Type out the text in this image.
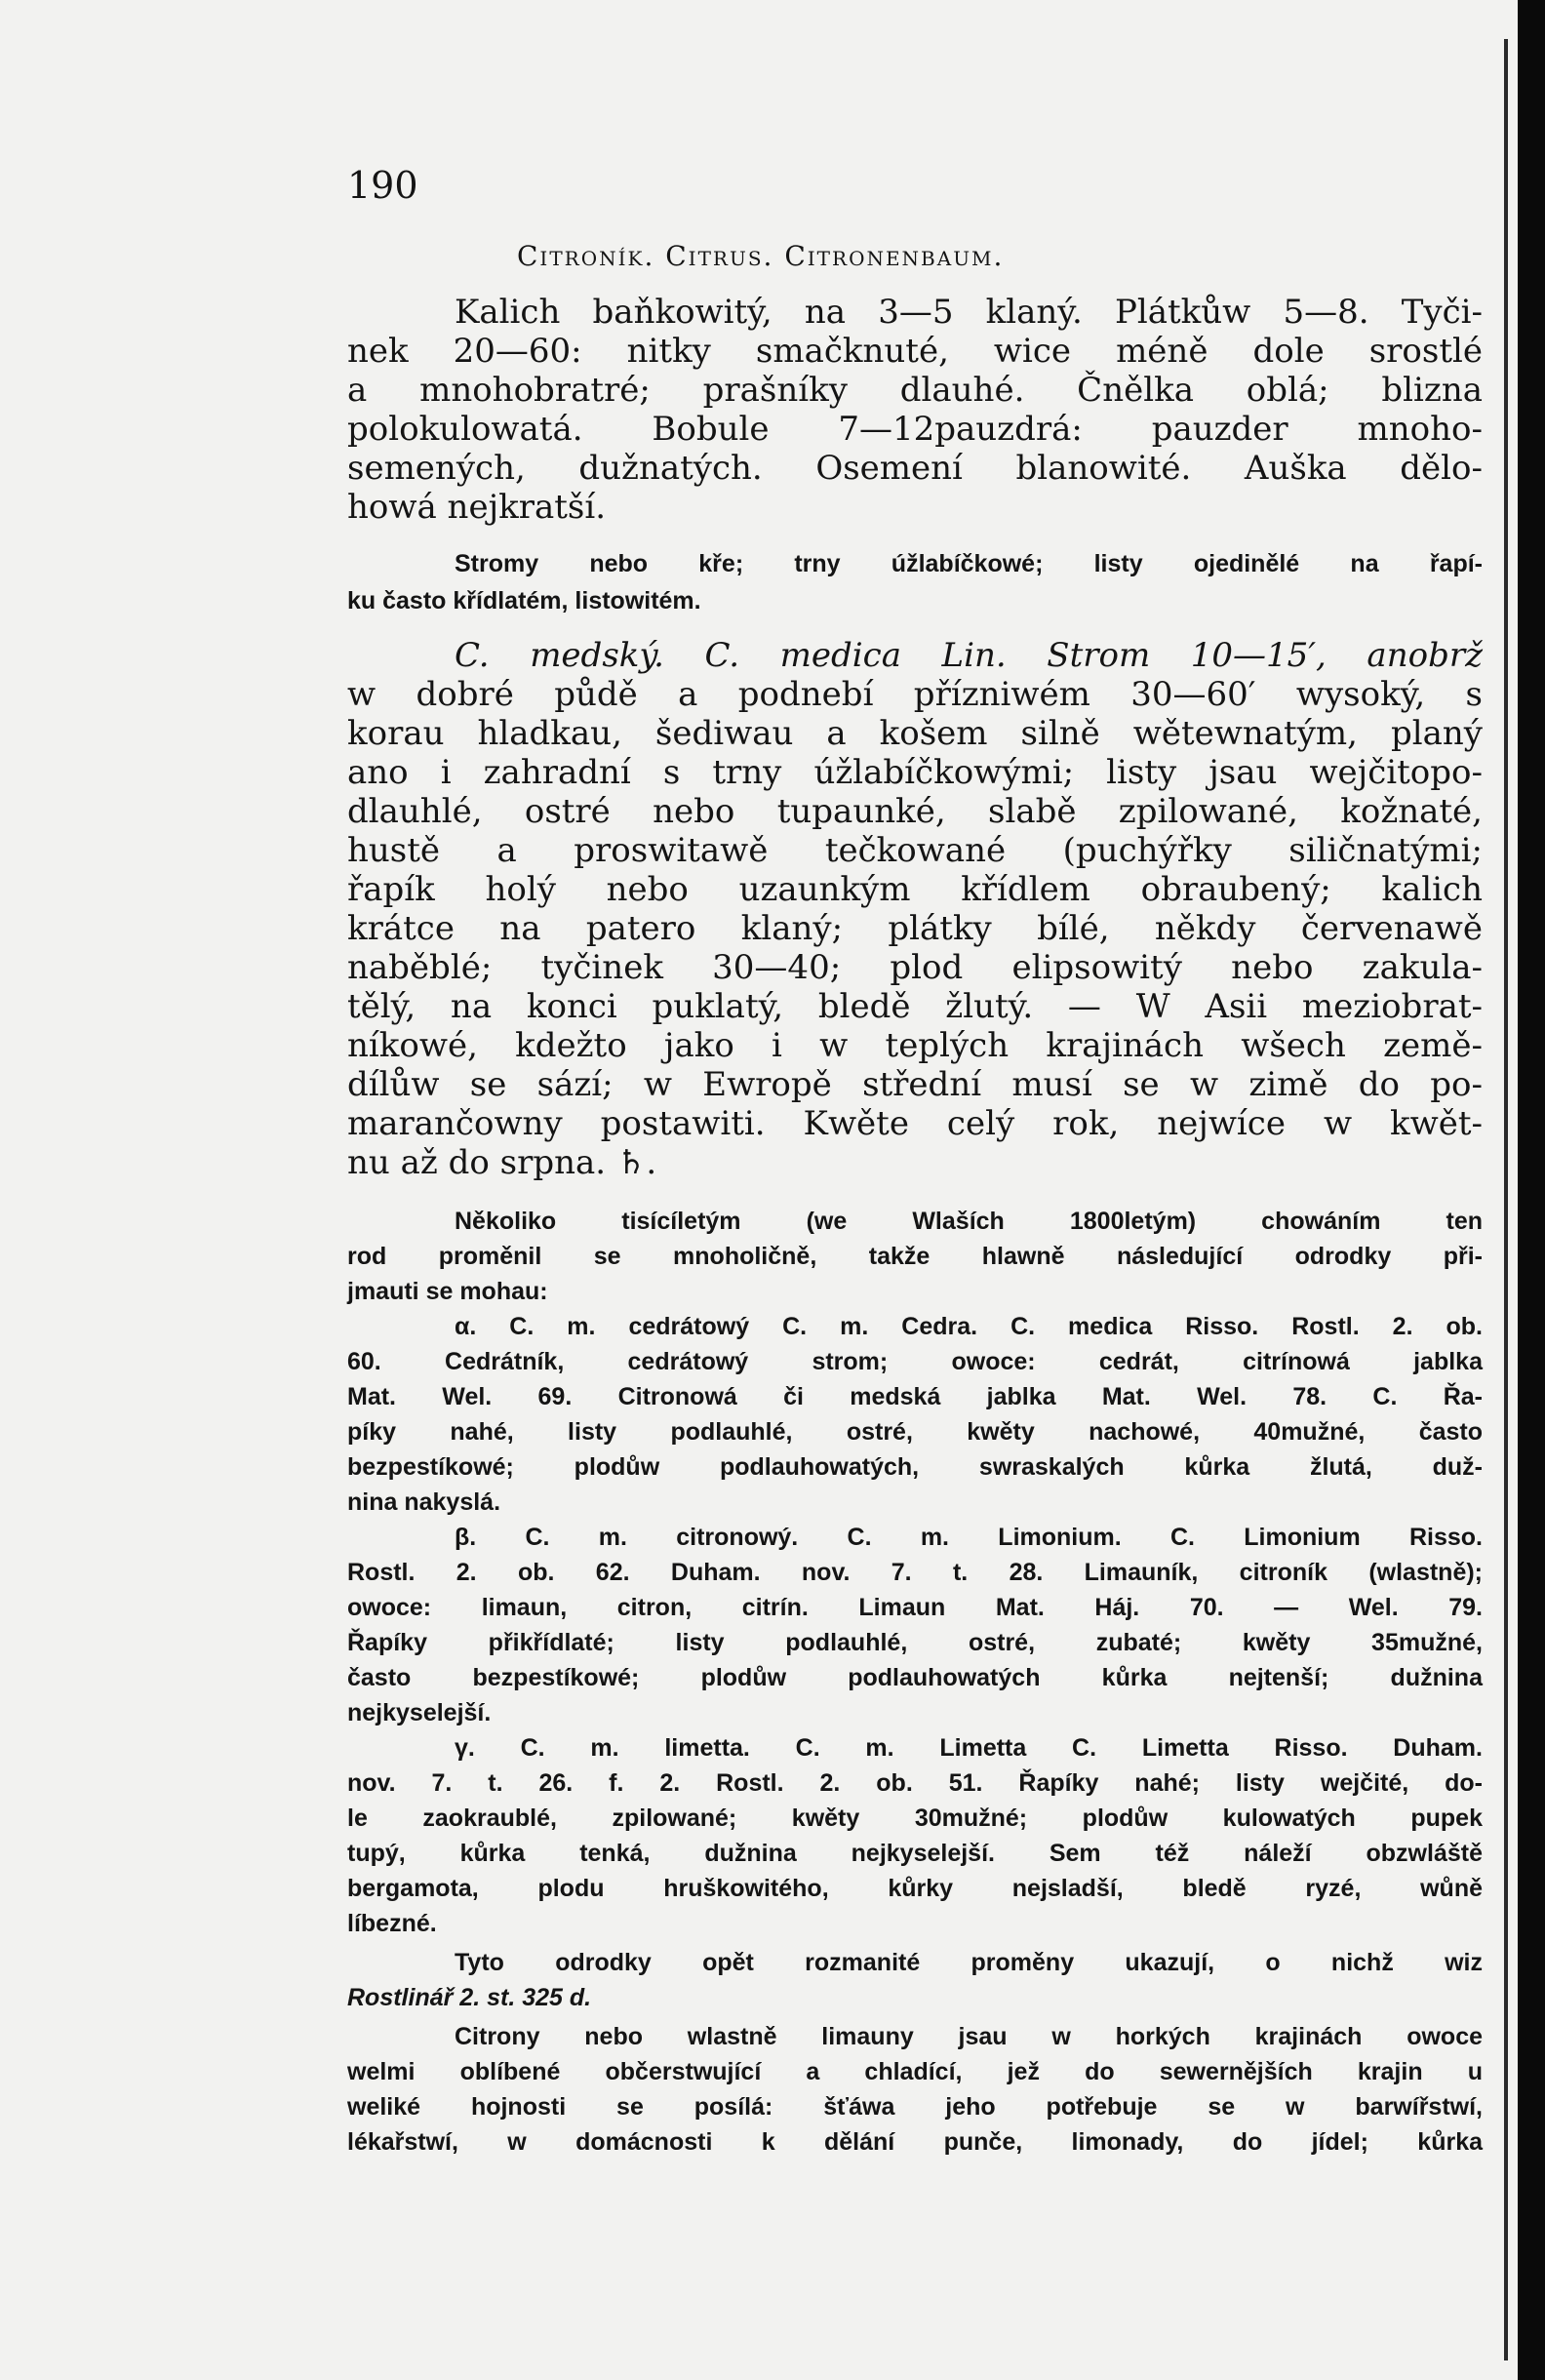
190
Citroník. Citrus. Citronenbaum.
Kalich baňkowitý, na 3—5 klaný. Plátkůw 5—8. Tyči-
nek 20—60: nitky smačknuté, wice méně dole srostlé
a mnohobratré; prašníky dlauhé. Čnělka oblá; blizna
polokulowatá. Bobule 7—12pauzdrá: pauzder mnoho-
semených, dužnatých. Osemení blanowité. Auška dělo-
howá nejkratší.
Stromy nebo kře; trny úžlabíčkowé; listy ojedinělé na řapí-
ku často křídlatém, listowitém.
C. medský. C. medica Lin. Strom 10—15′, anobrž
w dobré půdě a podnebí přízniwém 30—60′ wysoký, s
korau hladkau, šediwau a košem silně wětewnatým, planý
ano i zahradní s trny úžlabíčkowými; listy jsau wejčitopo-
dlauhlé, ostré nebo tupaunké, slabě zpilowané, kožnaté,
hustě a proswitawě tečkowané (puchýřky siličnatými;
řapík holý nebo uzaunkým křídlem obraubený; kalich
krátce na patero klaný; plátky bílé, někdy červenawě
naběblé; tyčinek 30—40; plod elipsowitý nebo zakula-
tělý, na konci puklatý, bledě žlutý. — W Asii meziobrat-
níkowé, kdežto jako i w teplých krajinách wšech země-
dílůw se sází; w Ewropě střední musí se w zimě do po-
marančowny postawiti. Kwěte celý rok, nejwíce w kwět-
nu až do srpna. ♄.
Několiko tisícíletým (we Wlaších 1800letým) chowáním ten
rod proměnil se mnoholičně, takže hlawně následující odrodky při-
jmauti se mohau:
α. C. m. cedrátowý C. m. Cedra. C. medica Risso. Rostl. 2. ob.
60. Cedrátník, cedrátowý strom; owoce: cedrát, citrínowá jablka
Mat. Wel. 69. Citronowá či medská jablka Mat. Wel. 78. C. Řa-
píky nahé, listy podlauhlé, ostré, kwěty nachowé, 40mužné, často
bezpestíkowé; plodůw podlauhowatých, swraskalých kůrka žlutá, duž-
nina nakyslá.
β. C. m. citronowý. C. m. Limonium. C. Limonium Risso.
Rostl. 2. ob. 62. Duham. nov. 7. t. 28. Limauník, citroník (wlastně);
owoce: limaun, citron, citrín. Limaun Mat. Háj. 70. — Wel. 79.
Řapíky přikřídlaté; listy podlauhlé, ostré, zubaté; kwěty 35mužné,
často bezpestíkowé; plodůw podlauhowatých kůrka nejtenší; dužnina
nejkyselejší.
γ. C. m. limetta. C. m. Limetta C. Limetta Risso. Duham.
nov. 7. t. 26. f. 2. Rostl. 2. ob. 51. Řapíky nahé; listy wejčité, do-
le zaokraublé, zpilowané; kwěty 30mužné; plodůw kulowatých pupek
tupý, kůrka tenká, dužnina nejkyselejší. Sem též náleží obzwláště
bergamota, plodu hruškowitého, kůrky nejsladší, bledě ryzé, wůně
líbezné.
Tyto odrodky opět rozmanité proměny ukazují, o nichž wiz
Rostlinář 2. st. 325 d.
Citrony nebo wlastně limauny jsau w horkých krajinách owoce
welmi oblíbené občerstwující a chladící, jež do sewernějších krajin u
weliké hojnosti se posílá: šťáwa jeho potřebuje se w barwířstwí,
lékařstwí, w domácnosti k dělání punče, limonady, do jídel; kůrka
